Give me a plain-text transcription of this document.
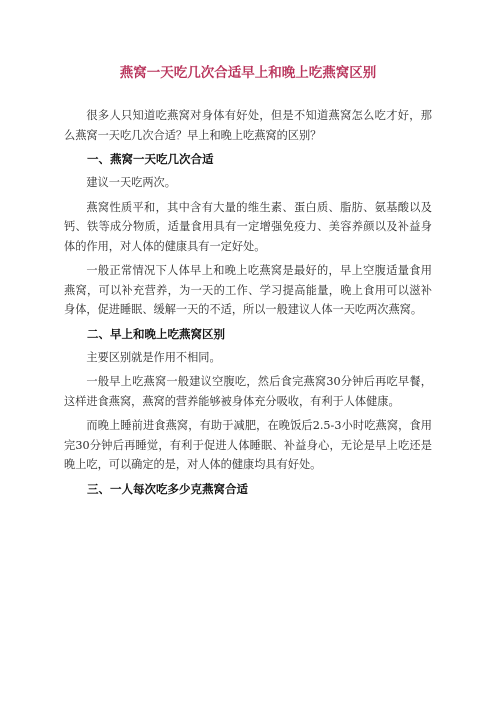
燕窝一天吃几次合适早上和晚上吃燕窝区别

很多人只知道吃燕窝对身体有好处，但是不知道燕窝怎么吃才好，那么燕窝一天吃几次合适？早上和晚上吃燕窝的区别？

一、燕窝一天吃几次合适

建议一天吃两次。

燕窝性质平和，其中含有大量的维生素、蛋白质、脂肪、氨基酸以及钙、铁等成分物质，适量食用具有一定增强免疫力、美容养颜以及补益身体的作用，对人体的健康具有一定好处。

一般正常情况下人体早上和晚上吃燕窝是最好的，早上空腹适量食用燕窝，可以补充营养，为一天的工作、学习提高能量，晚上食用可以滋补身体，促进睡眠、缓解一天的不适，所以一般建议人体一天吃两次燕窝。

二、早上和晚上吃燕窝区别

主要区别就是作用不相同。

一般早上吃燕窝一般建议空腹吃，然后食完燕窝30分钟后再吃早餐，这样进食燕窝，燕窝的营养能够被身体充分吸收，有利于人体健康。

而晚上睡前进食燕窝，有助于减肥，在晚饭后2.5-3小时吃燕窝，食用完30分钟后再睡觉，有利于促进人体睡眠、补益身心，无论是早上吃还是晚上吃，可以确定的是，对人体的健康均具有好处。

三、一人每次吃多少克燕窝合适
